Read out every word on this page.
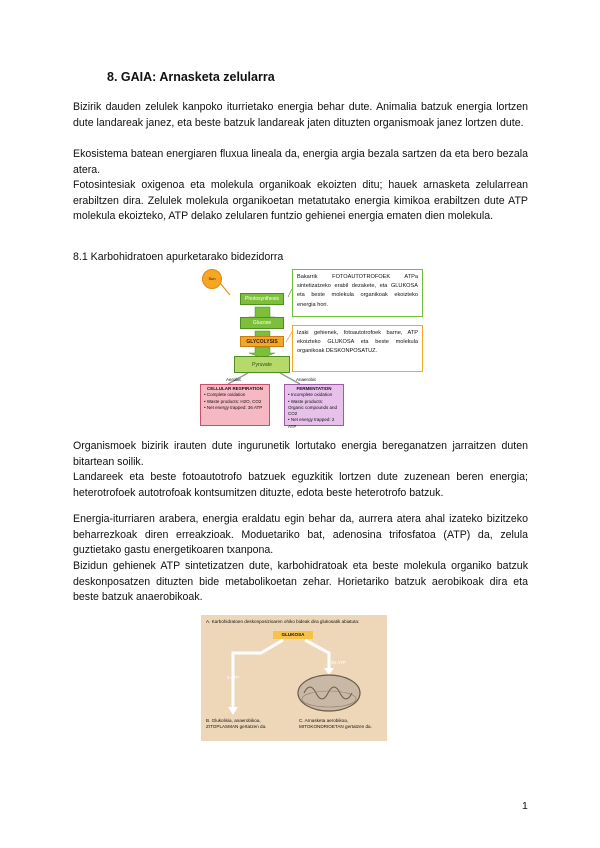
8. GAIA: Arnasketa zelularra
Bizirik dauden zelulek kanpoko iturrietako energia behar dute. Animalia batzuk energia lortzen dute landareak janez, eta beste batzuk landareak jaten dituzten organismoak janez lortzen dute.
Ekosistema batean energiaren fluxua lineala da, energia argia bezala sartzen da eta bero bezala atera.
Fotosintesiak oxigenoa eta molekula organikoak ekoizten ditu; hauek arnasketa zelularrean erabiltzen dira. Zelulek molekula organikoetan metatutako energia kimikoa erabiltzen dute ATP molekula ekoizteko, ATP delako zelularen funtzio gehienei energia ematen dien molekula.
8.1 Karbohidratoen apurketarako bidezidorra
Sun
Photosynthesis
Glucose
GLYCOLYSIS
Pyruvate
Aerobic	Anaerobic
CELLULAR RESPIRATION
• Complete oxidation
• Waste products: H2O, CO2
• Net energy trapped: 36 ATP
FERMENTATION
• Incomplete oxidation
• Waste products: Organic compounds and CO2
• Net energy trapped: 2 ATP
Bakarrik FOTOAUTOTROFOEK ATPa sintetizatzeko erabil dezakete, eta GLUKOSA eta beste molekula organikoak ekoizteko energia hori.
Izaki gehienek, fotoautotrofoek barne, ATP ekoizteko GLUKOSA eta beste molekula organikoak DESKONPOSATUZ.
Organismoek bizirik irauten dute ingurunetik lortutako energia bereganatzen jarraitzen duten bitartean soilik.
Landareek eta beste fotoautotrofo batzuek eguzkitik lortzen dute zuzenean beren energia; heterotrofoek autotrofoak kontsumitzen dituzte, edota beste heterotrofo batzuk.
Energia-iturriaren arabera, energia eraldatu egin behar da, aurrera atera ahal izateko bizitzeko beharrezkoak diren erreakzioak. Moduetariko bat, adenosina trifosfatoa (ATP) da, zelula guztietako gastu energetikoaren txanpona.
Bizidun gehienek ATP sintetizatzen dute, karbohidratoak eta beste molekula organiko batzuk deskonposatzen dituzten bide metabolikoetan zehar. Horietariko batzuk aerobikoak dira eta beste batzuk anaerobikoak.
A. Karbohidratoen deskonposizioaren ohiko bideak dira glukosatik abiatuta:
GLUKOSA
2 ATP
36 ATP
B. Glukolisia, anaerobikoa, ZITOPLASMAN gertatzen da.
C. Arnasketa aerobikoa, MITOKONDRIOETAN gertatzen da.
1
